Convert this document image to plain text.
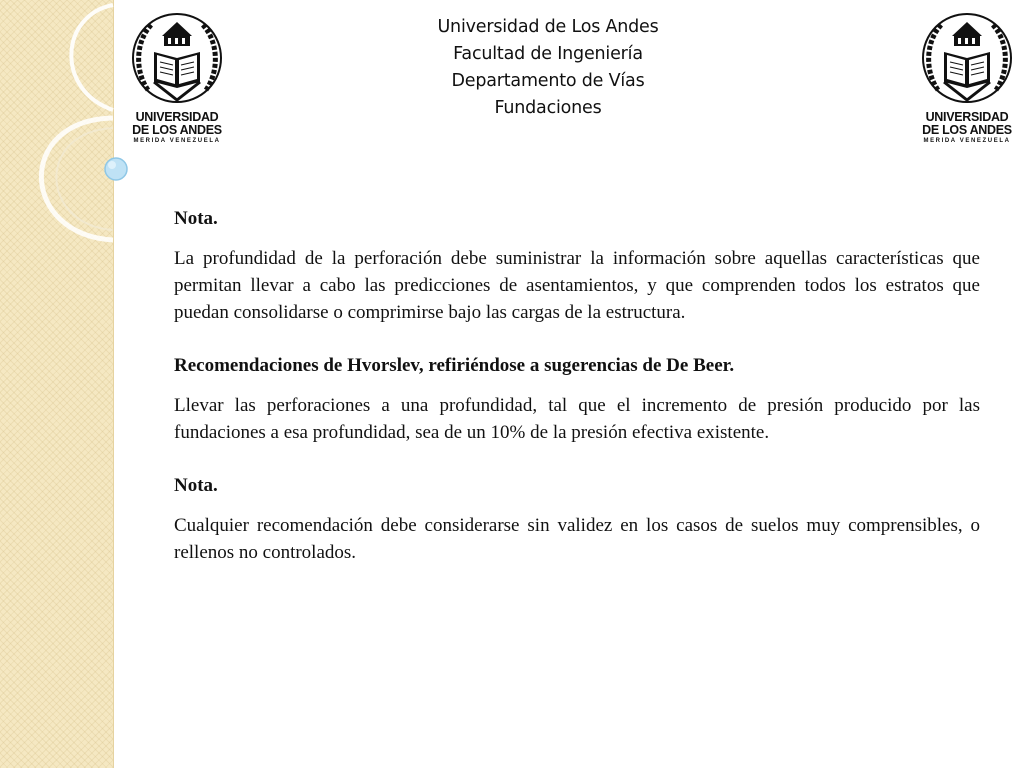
UNIVERSIDAD
DE LOS ANDES
MERIDA VENEZUELA
UNIVERSIDAD
DE LOS ANDES
MERIDA VENEZUELA
Universidad de Los Andes
Facultad de Ingeniería
Departamento de Vías
Fundaciones

Nota.

La profundidad de la perforación debe suministrar la información sobre aquellas características que permitan llevar a cabo las predicciones de asentamientos, y que comprenden todos los estratos que puedan consolidarse o comprimirse bajo las cargas de la estructura.

Recomendaciones de Hvorslev, refiriéndose a sugerencias de De Beer.

Llevar las perforaciones a una profundidad, tal que el incremento de presión producido por las fundaciones a esa profundidad, sea de un 10% de la presión efectiva existente.

Nota.

Cualquier recomendación debe considerarse sin validez en los casos de suelos muy comprensibles, o rellenos no controlados.
